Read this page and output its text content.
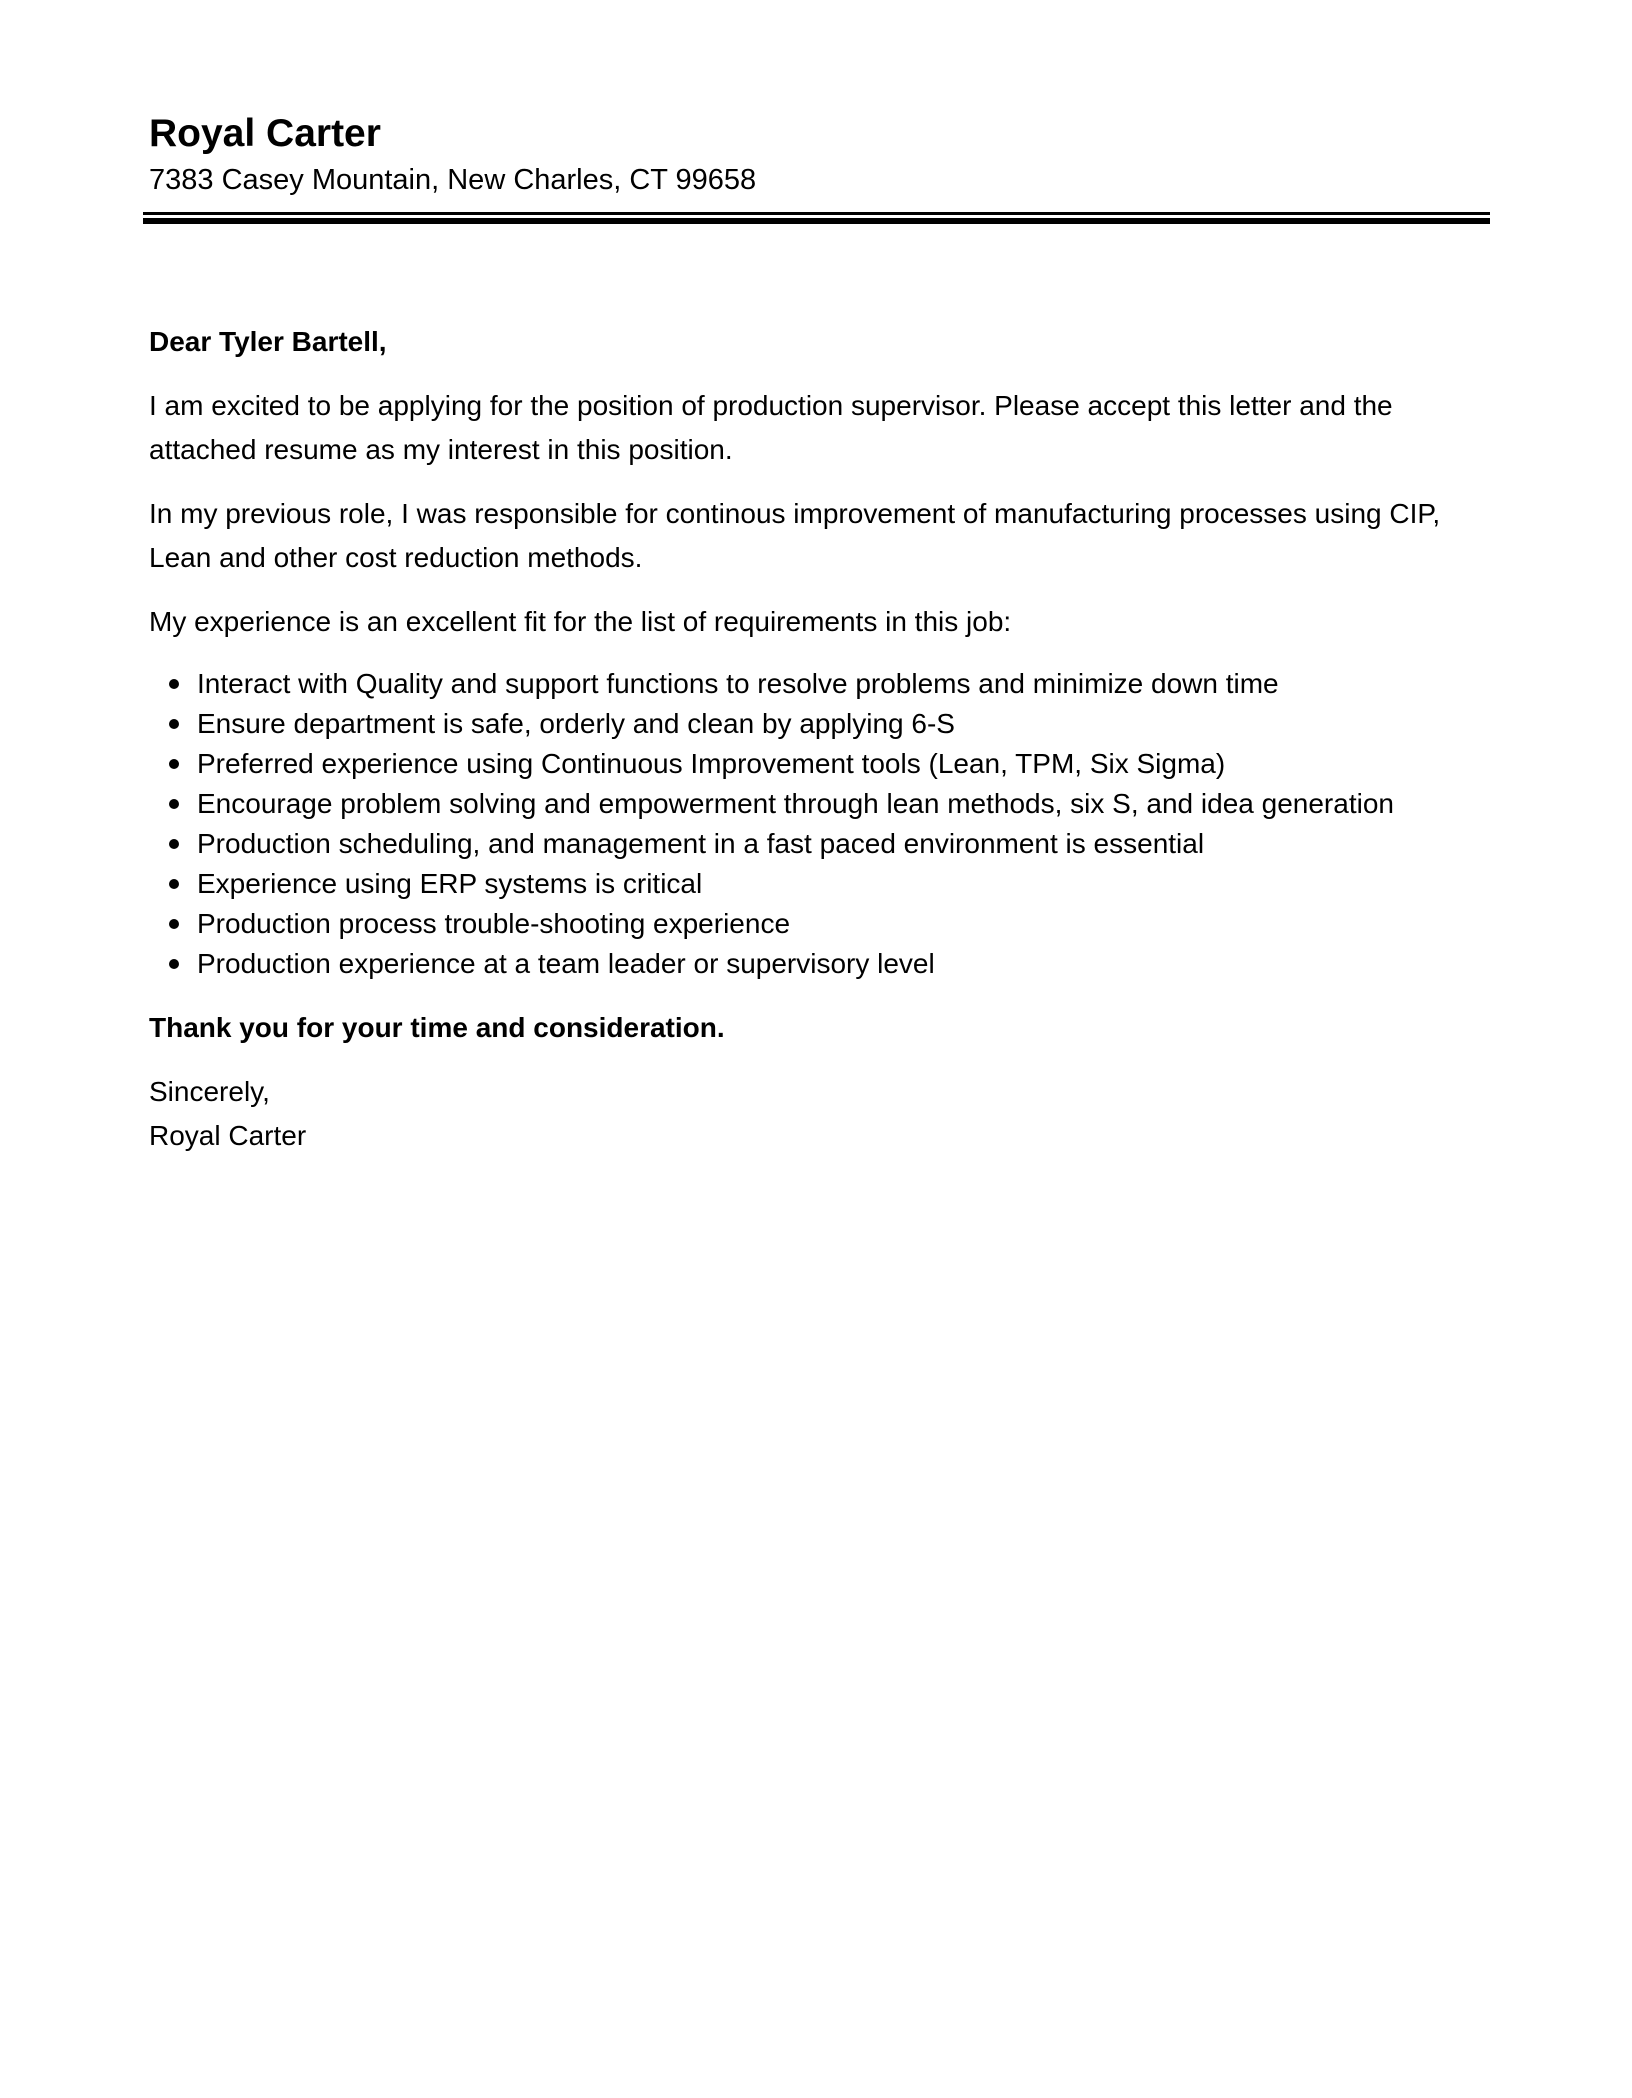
Royal Carter

7383 Casey Mountain, New Charles, CT 99658

Dear Tyler Bartell,

I am excited to be applying for the position of production supervisor. Please accept this letter and the attached resume as my interest in this position.

In my previous role, I was responsible for continous improvement of manufacturing processes using CIP, Lean and other cost reduction methods.

My experience is an excellent fit for the list of requirements in this job:

Interact with Quality and support functions to resolve problems and minimize down time
Ensure department is safe, orderly and clean by applying 6-S
Preferred experience using Continuous Improvement tools (Lean, TPM, Six Sigma)
Encourage problem solving and empowerment through lean methods, six S, and idea generation
Production scheduling, and management in a fast paced environment is essential
Experience using ERP systems is critical
Production process trouble-shooting experience
Production experience at a team leader or supervisory level

Thank you for your time and consideration.

Sincerely,

Royal Carter
